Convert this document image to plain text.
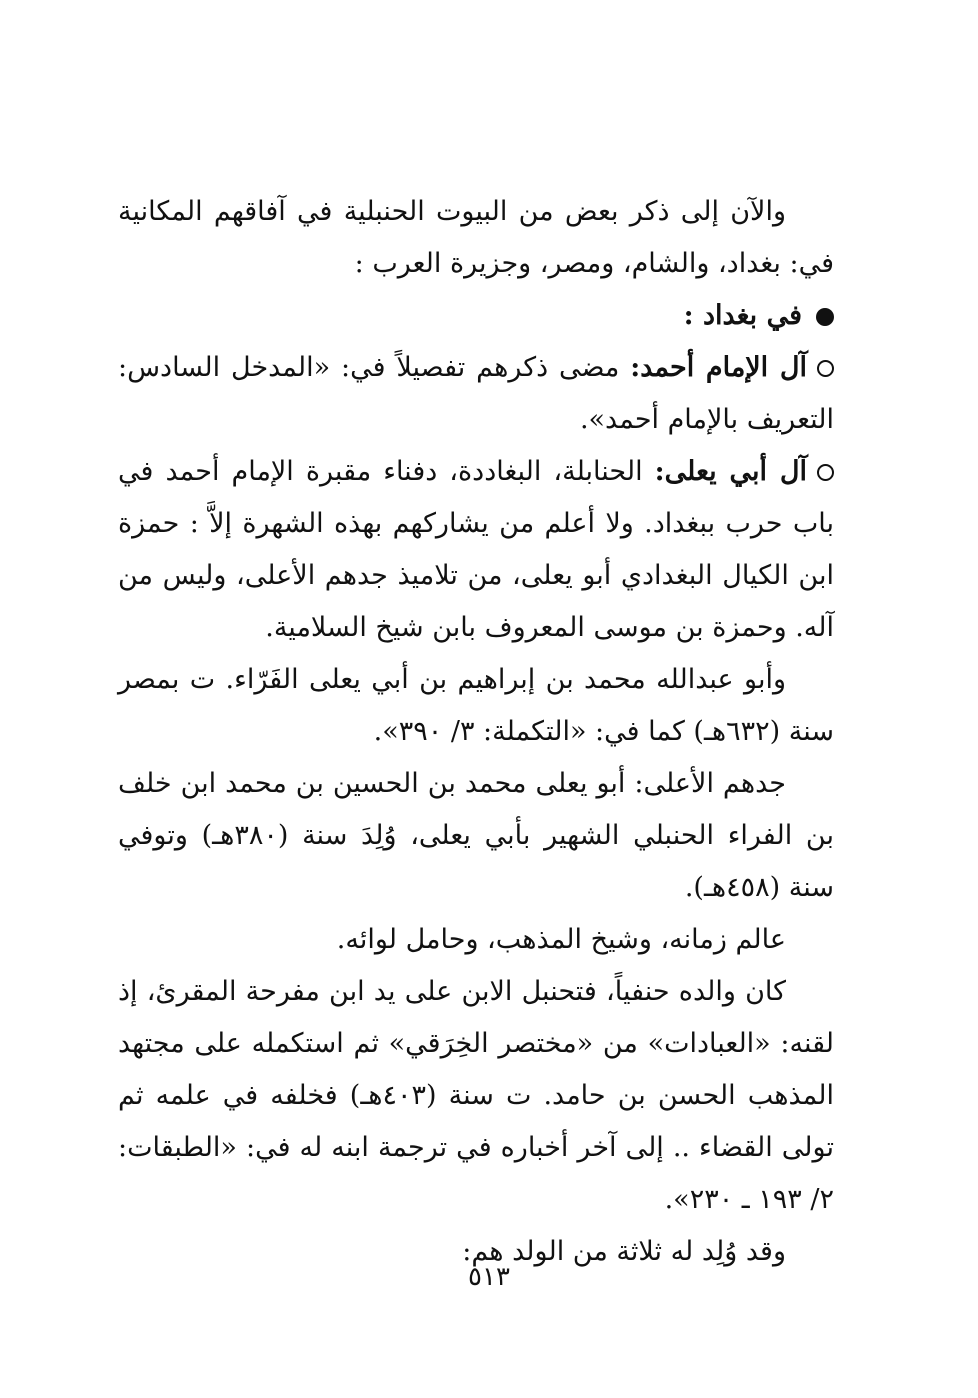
والآن إلى ذكر بعض من البيوت الحنبلية في آفاقهم المكانية في: بغداد، والشام، ومصر، وجزيرة العرب :

في بغداد :

آل الإمام أحمد: مضى ذكرهم تفصيلاً في: «المدخل السادس: التعريف بالإمام أحمد».

آل أبي يعلى: الحنابلة، البغاددة، دفناء مقبرة الإمام أحمد في باب حرب ببغداد. ولا أعلم من يشاركهم بهذه الشهرة إلاَّ : حمزة ابن الكيال البغدادي أبو يعلى، من تلاميذ جدهم الأعلى، وليس من آله. وحمزة بن موسى المعروف بابن شيخ السلامية.

وأبو عبدالله محمد بن إبراهيم بن أبي يعلى الفَرّاء. ت بمصر سنة (٦٣٢هـ) كما في: «التكملة: ٣/ ٣٩٠».

جدهم الأعلى: أبو يعلى محمد بن الحسين بن محمد ابن خلف بن الفراء الحنبلي الشهير بأبي يعلى، وُلِدَ سنة (٣٨٠هـ) وتوفي سنة (٤٥٨هـ).

عالم زمانه، وشيخ المذهب، وحامل لوائه.

كان والده حنفياً، فتحنبل الابن على يد ابن مفرحة المقرئ، إذ لقنه: «العبادات» من «مختصر الخِرَقي» ثم استكمله على مجتهد المذهب الحسن بن حامد. ت سنة (٤٠٣هـ) فخلفه في علمه ثم تولى القضاء .. إلى آخر أخباره في ترجمة ابنه له في: «الطبقات: ٢/ ١٩٣ ـ ٢٣٠».

وقد وُلِد له ثلاثة من الولد هم:

٥١٣
